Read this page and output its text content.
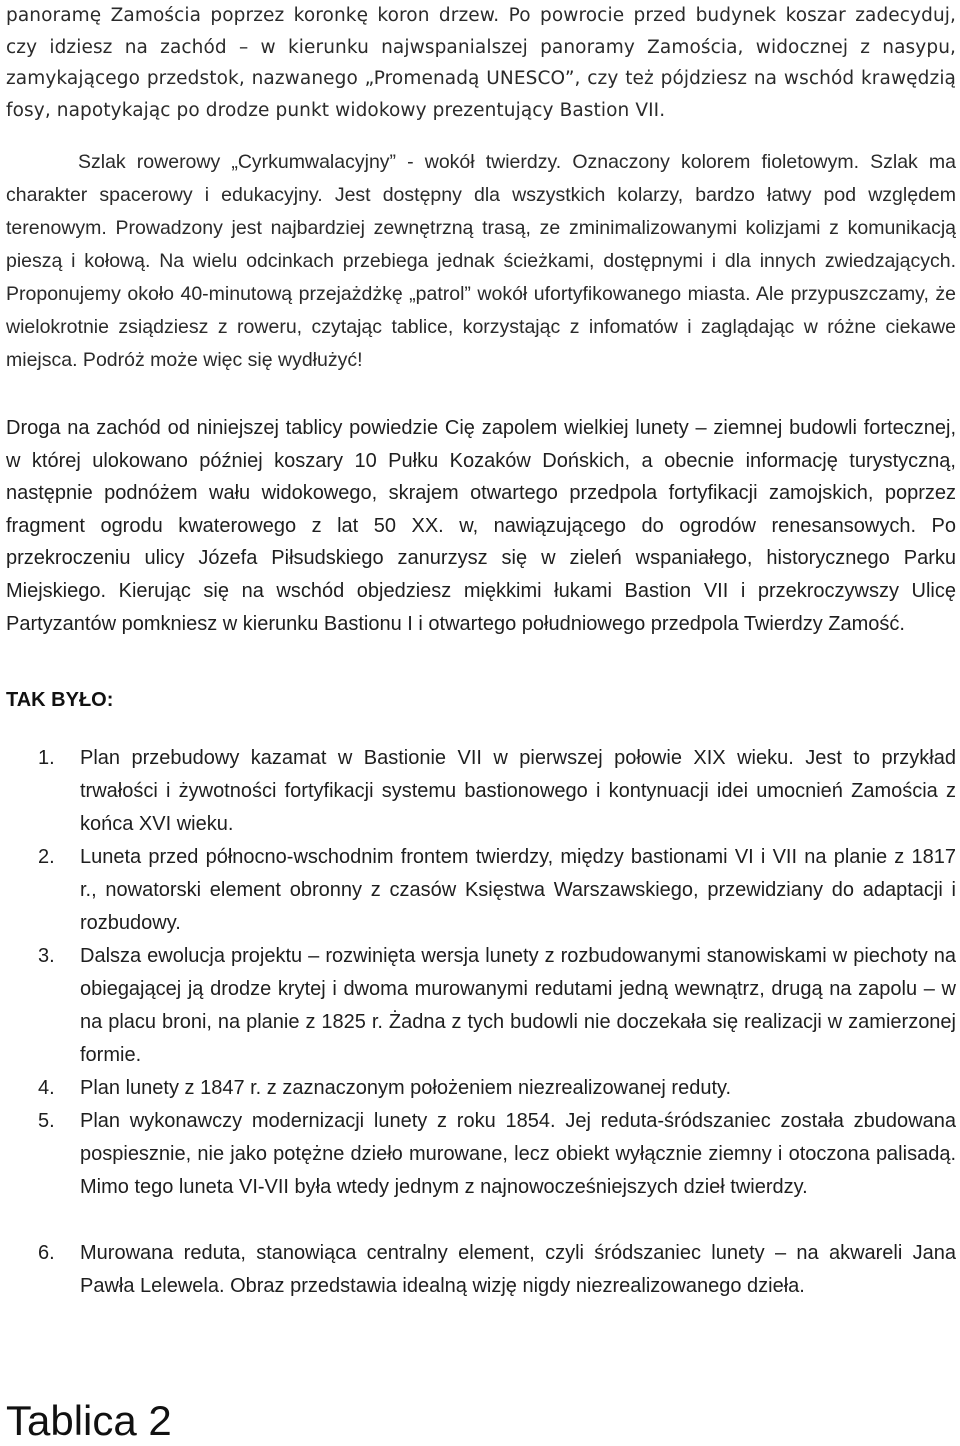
panoramę Zamościa poprzez koronkę koron drzew. Po powrocie przed budynek koszar zadecyduj, czy idziesz na zachód – w kierunku najwspanialszej panoramy Zamościa, widocznej z nasypu, zamykającego przedstok, nazwanego „Promenadą UNESCO”, czy też pójdziesz na wschód krawędzią fosy, napotykając po drodze punkt widokowy prezentujący Bastion VII.

Szlak rowerowy „Cyrkumwalacyjny” - wokół twierdzy. Oznaczony kolorem fioletowym. Szlak ma charakter spacerowy i edukacyjny. Jest dostępny dla wszystkich kolarzy, bardzo łatwy pod względem terenowym. Prowadzony jest najbardziej zewnętrzną trasą, ze zminimalizowanymi kolizjami z komunikacją pieszą i kołową. Na wielu odcinkach przebiega jednak ścieżkami, dostępnymi i dla innych zwiedzających. Proponujemy około 40-minutową przejażdżkę „patrol” wokół ufortyfikowanego miasta. Ale przypuszczamy, że wielokrotnie zsiądziesz z roweru, czytając tablice, korzystając z infomatów i zaglądając w różne ciekawe miejsca. Podróż może więc się wydłużyć!

Droga na zachód od niniejszej tablicy powiedzie Cię zapolem wielkiej lunety – ziemnej budowli fortecznej, w której ulokowano później koszary 10 Pułku Kozaków Dońskich, a obecnie informację turystyczną, następnie podnóżem wału widokowego, skrajem otwartego przedpola fortyfikacji zamojskich, poprzez fragment ogrodu kwaterowego z lat 50 XX. w, nawiązującego do ogrodów renesansowych. Po przekroczeniu ulicy Józefa Piłsudskiego zanurzysz się w zieleń wspaniałego, historycznego Parku Miejskiego. Kierując się na wschód objedziesz miękkimi łukami Bastion VII i przekroczywszy Ulicę Partyzantów pomkniesz w kierunku Bastionu I i otwartego południowego przedpola Twierdzy Zamość.

TAK BYŁO:
1. Plan przebudowy kazamat w Bastionie VII w pierwszej połowie XIX wieku. Jest to przykład trwałości i żywotności fortyfikacji systemu bastionowego i kontynuacji idei umocnień Zamościa z końca XVI wieku.
2. Luneta przed północno-wschodnim frontem twierdzy, między bastionami VI i VII na planie z 1817 r., nowatorski element obronny z czasów Księstwa Warszawskiego, przewidziany do adaptacji i rozbudowy.
3. Dalsza ewolucja projektu – rozwinięta wersja lunety z rozbudowanymi stanowiskami w piechoty na obiegającej ją drodze krytej i dwoma murowanymi redutami jedną wewnątrz, drugą na zapolu – w na placu broni, na planie z 1825 r. Żadna z tych budowli nie doczekała się realizacji w zamierzonej formie.
4. Plan lunety z 1847 r. z zaznaczonym położeniem niezrealizowanej reduty.
5. Plan wykonawczy modernizacji lunety z roku 1854. Jej reduta-śródszaniec została zbudowana pospiesznie, nie jako potężne dzieło murowane, lecz obiekt wyłącznie ziemny i otoczona palisadą. Mimo tego luneta VI-VII była wtedy jednym z najnowocześniejszych dzieł twierdzy.
6. Murowana reduta, stanowiąca centralny element, czyli śródszaniec lunety – na akwareli Jana Pawła Lelewela. Obraz przedstawia idealną wizję nigdy niezrealizowanego dzieła.
Tablica 2
